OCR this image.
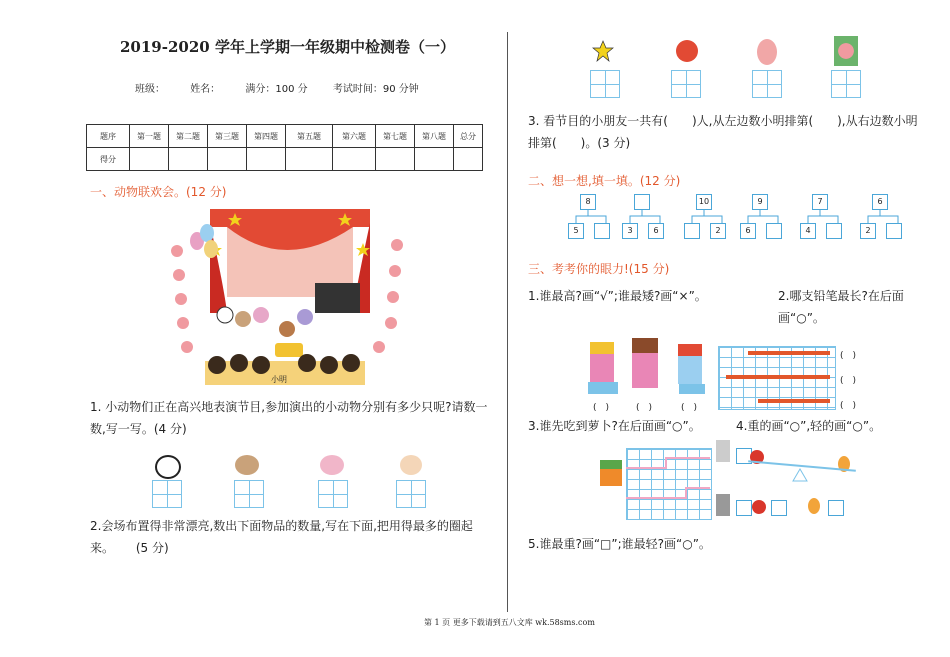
2019-2020 学年上学期一年级期中检测卷（一）
班级：	姓名：	满分：100 分	考试时间：90 分钟
题序	第一题	第二题	第三题	第四题	第五题	第六题	第七题	第八题	总分
得分									
一、动物联欢会。(12 分)
小明
1. 小动物们正在高兴地表演节目,参加演出的小动物分别有多少只呢?请数一数,写一写。(4 分)
2.会场布置得非常漂亮,数出下面物品的数量,写在下面,把用得最多的圈起来。 (5 分)
3. 看节目的小朋友一共有(　　)人,从左边数小明排第(　　),从右边数小明排第(　　)。(3 分)
二、想一想,填一填。(12 分)
8
5	3	6
10
2
9
6
7
4
6
2
三、考考你的眼力!(15 分)
1.谁最高?画“√”;谁最矮?画“×”。	2.哪支铅笔最长?在后面画“○”。
(　)	(　)	(　)
(　)
(　)
(　)
3.谁先吃到萝卜?在后面画“○”。	4.重的画“○”,轻的画“○”。
5.谁最重?画“□”;谁最轻?画“○”。
第 1 页 更多下载请到五八文库 wk.58sms.com
